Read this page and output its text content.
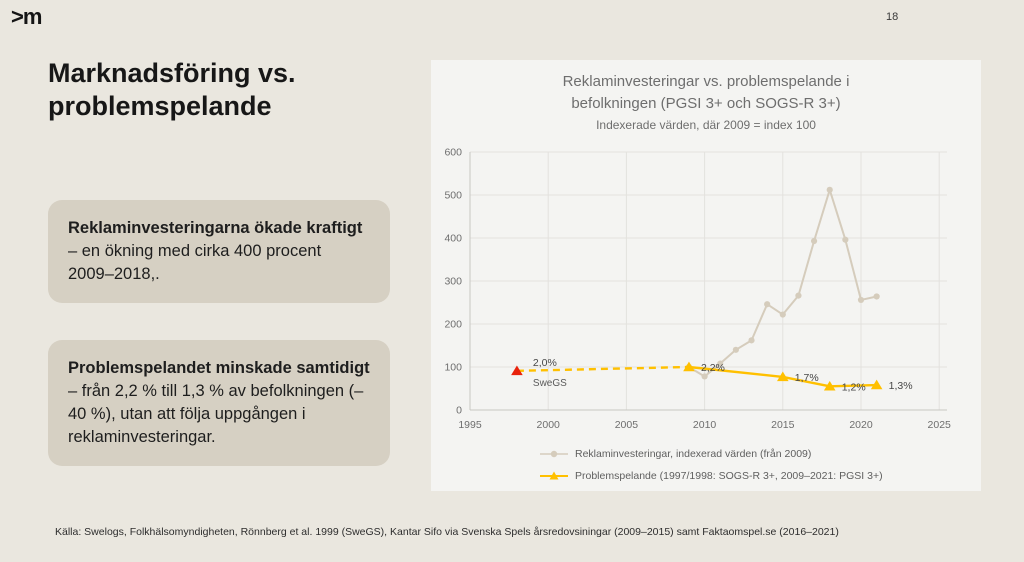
>m	18
Marknadsföring vs.
problemspelande
Reklaminvesteringarna ökade kraftigt – en ökning med cirka 400 procent 2009–2018,.
Problemspelandet minskade samtidigt – från 2,2 % till 1,3 % av befolkningen (–40 %), utan att följa uppgången i reklaminvesteringar.
Reklaminvesteringar vs. problemspelande i
befolkningen (PGSI 3+ och SOGS-R 3+)
Indexerade värden, där 2009 = index 100
0
100
200
300
400
500
600
1995	2000	2005	2010	2015	2020	2025
2,0%
SweGS
2,2%
1,7%
1,2% 1,3%
Reklaminvesteringar, indexerad värden (från 2009)
Problemspelande (1997/1998: SOGS-R 3+, 2009–2021: PGSI 3+)
Källa: Swelogs, Folkhälsomyndigheten, Rönnberg et al. 1999 (SweGS), Kantar Sifo via Svenska Spels årsredovsiningar (2009–2015) samt Faktaomspel.se (2016–2021)
